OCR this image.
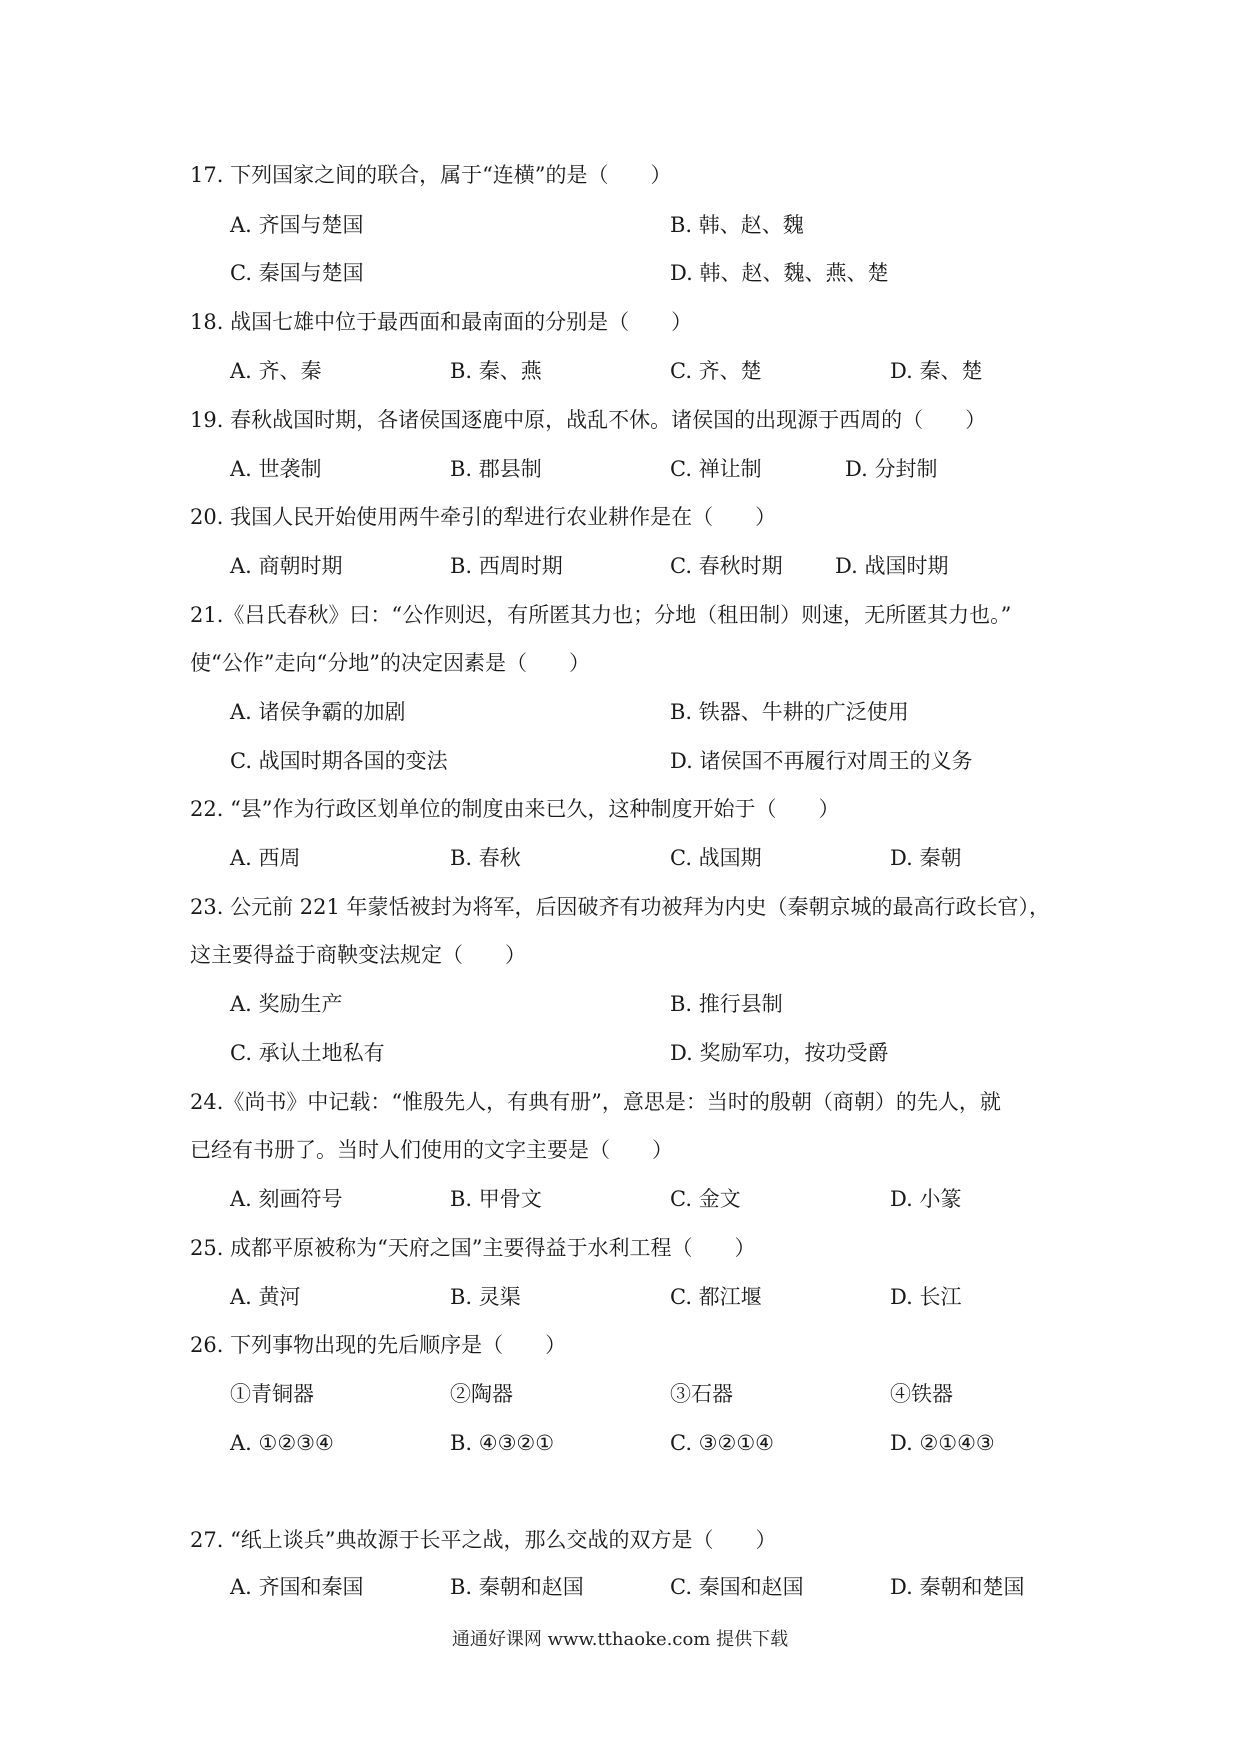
17. 下列国家之间的联合，属于“连横”的是（　　）
A. 齐国与楚国	B. 韩、赵、魏
C. 秦国与楚国	D. 韩、赵、魏、燕、楚
18. 战国七雄中位于最西面和最南面的分别是（　　）
A. 齐、秦	B. 秦、燕	C. 齐、楚	D. 秦、楚
19. 春秋战国时期，各诸侯国逐鹿中原，战乱不休。诸侯国的出现源于西周的（　　）
A. 世袭制	B. 郡县制	C. 禅让制	D. 分封制
20. 我国人民开始使用两牛牵引的犁进行农业耕作是在（　　）
A. 商朝时期	B. 西周时期	C. 春秋时期 D. 战国时期
21.《吕氏春秋》曰：“公作则迟，有所匿其力也；分地（租田制）则速，无所匿其力也。”
使“公作”走向“分地”的决定因素是（　　）
A. 诸侯争霸的加剧	B. 铁器、牛耕的广泛使用
C. 战国时期各国的变法	D. 诸侯国不再履行对周王的义务
22. “县”作为行政区划单位的制度由来已久，这种制度开始于（　　）
A. 西周	B. 春秋	C. 战国期	D. 秦朝
23. 公元前 221 年蒙恬被封为将军，后因破齐有功被拜为内史（秦朝京城的最高行政长官），
这主要得益于商鞅变法规定（　　）
A. 奖励生产	B. 推行县制
C. 承认土地私有	D. 奖励军功，按功受爵
24.《尚书》中记载：“惟殷先人，有典有册”，意思是：当时的殷朝（商朝）的先人，就
已经有书册了。当时人们使用的文字主要是（　　）
A. 刻画符号	B. 甲骨文	C. 金文	D. 小篆
25. 成都平原被称为“天府之国”主要得益于水利工程（　　）
A. 黄河	B. 灵渠	C. 都江堰	D. 长江
26. 下列事物出现的先后顺序是（　　）
①青铜器	②陶器	③石器	④铁器
A. ①②③④	B. ④③②①	C. ③②①④	D. ②①④③
27. “纸上谈兵”典故源于长平之战，那么交战的双方是（　　）
A. 齐国和秦国	B. 秦朝和赵国	C. 秦国和赵国	D. 秦朝和楚国
通通好课网 www.tthaoke.com 提供下载
